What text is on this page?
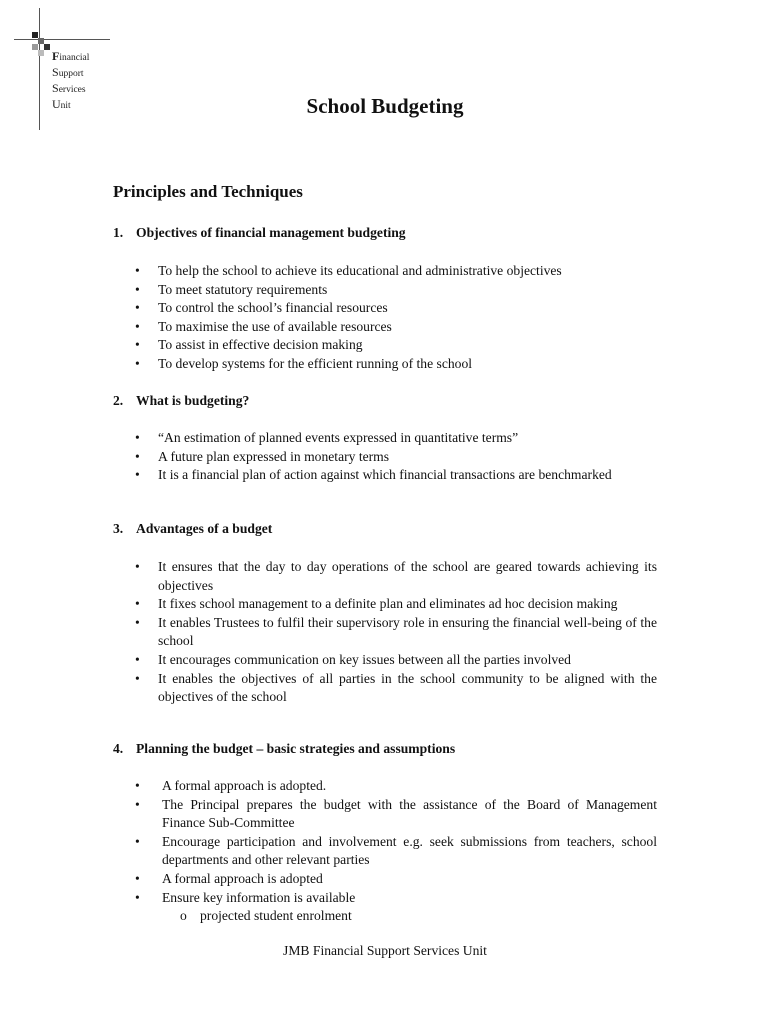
Financial
Support
Services
Unit	School Budgeting
Principles and Techniques
1. Objectives of financial management budgeting
• To help the school to achieve its educational and administrative objectives
• To meet statutory requirements
• To control the school’s financial resources
• To maximise the use of available resources
• To assist in effective decision making
• To develop systems for the efficient running of the school
2. What is budgeting?
• “An estimation of planned events expressed in quantitative terms”
• A future plan expressed in monetary terms
• It is a financial plan of action against which financial transactions are benchmarked
3. Advantages of a budget
• It ensures that the day to day operations of the school are geared towards achieving its objectives
• It fixes school management to a definite plan and eliminates ad hoc decision making
• It enables Trustees to fulfil their supervisory role in ensuring the financial well-being of the school
• It encourages communication on key issues between all the parties involved
• It enables the objectives of all parties in the school community to be aligned with the objectives of the school
4. Planning the budget – basic strategies and assumptions
• A formal approach is adopted.
• The Principal prepares the budget with the assistance of the Board of Management Finance Sub-Committee
• Encourage participation and involvement e.g. seek submissions from teachers, school departments and other relevant parties
• A formal approach is adopted
• Ensure key information is available
o projected student enrolment
JMB Financial Support Services Unit
